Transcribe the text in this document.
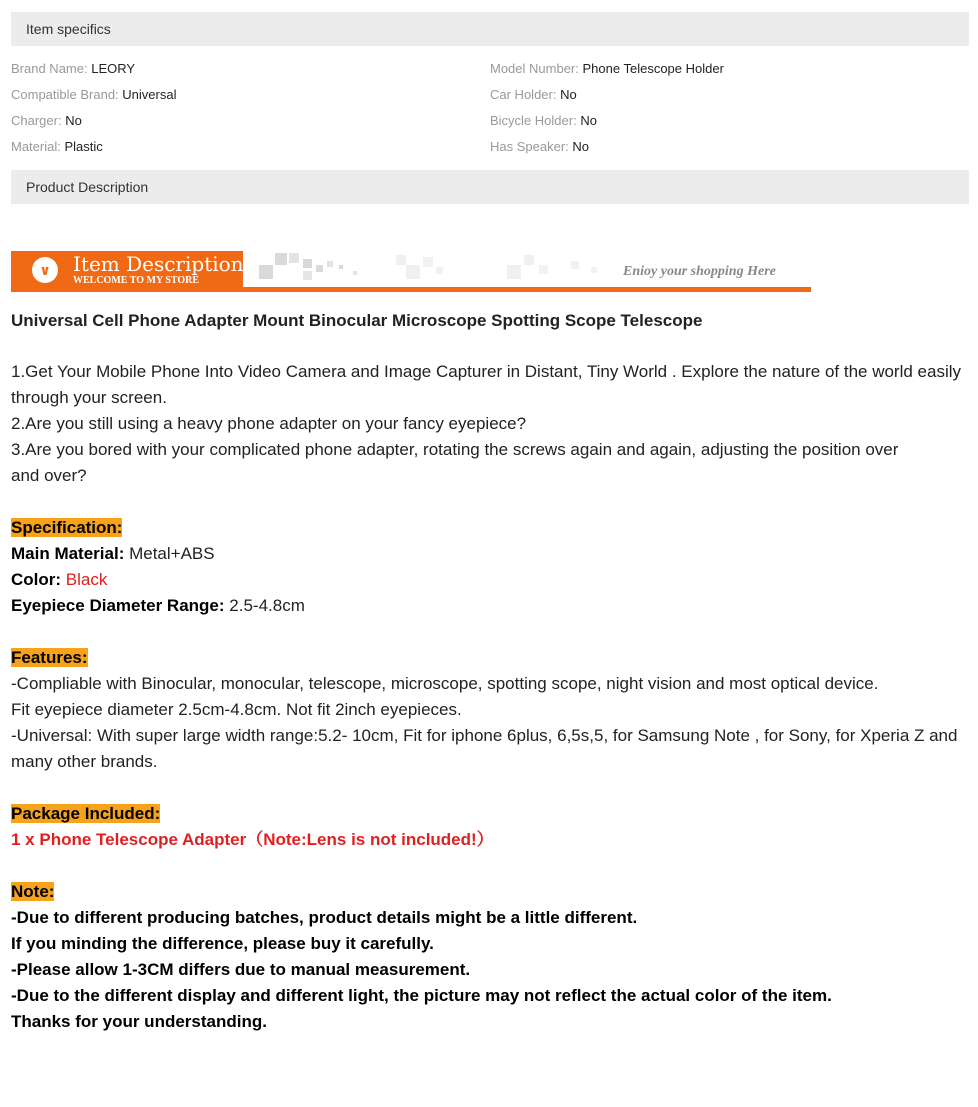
Item specifics
Brand Name: LEORY
Compatible Brand: Universal
Charger: No
Material: Plastic
Model Number: Phone Telescope Holder
Car Holder: No
Bicycle Holder: No
Has Speaker: No
Product Description
∨	Item Description
WELCOME TO MY STORE
Enioy your shopping Here

Universal Cell Phone Adapter Mount Binocular Microscope Spotting Scope Telescope

1.Get Your Mobile Phone Into Video Camera and Image Capturer in Distant, Tiny World . Explore the nature of the world easily through your screen.

2.Are you still using a heavy phone adapter on your fancy eyepiece?

3.Are you bored with your complicated phone adapter, rotating the screws again and again, adjusting the position over

and over?

Specification:

Main Material: Metal+ABS

Color: Black

Eyepiece Diameter Range: 2.5-4.8cm

Features:

-Compliable with Binocular, monocular, telescope, microscope, spotting scope, night vision and most optical device.

Fit eyepiece diameter 2.5cm-4.8cm. Not fit 2inch eyepieces.

-Universal: With super large width range:5.2- 10cm, Fit for iphone 6plus, 6,5s,5, for Samsung Note , for Sony, for Xperia Z and

many other brands.

Package Included:

1 x Phone Telescope Adapter（Note:Lens is not included!）

Note:

-Due to different producing batches, product details might be a little different.

If you minding the difference, please buy it carefully.

-Please allow 1-3CM differs due to manual measurement.

-Due to the different display and different light, the picture may not reflect the actual color of the item.

Thanks for your understanding.
